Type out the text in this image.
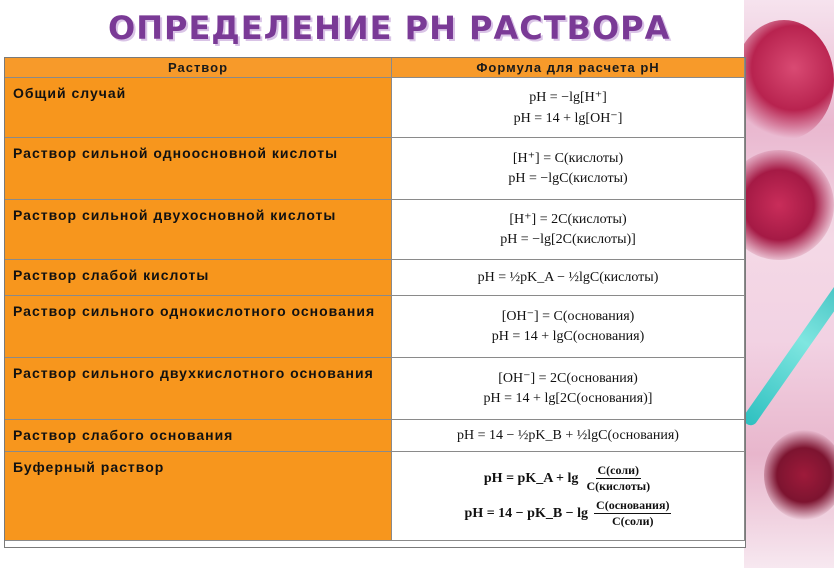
ОПРЕДЕЛЕНИЕ PH РАСТВОРА
Раствор	Формула для расчета pH
Общий случай	pH = −lg[H⁺]
pH = 14 + lg[OH⁻]
Раствор сильной одноосновной кислоты	[H⁺] = C(кислоты)
pH = −lgC(кислоты)
Раствор сильной двухосновной кислоты	[H⁺] = 2C(кислоты)
pH = −lg[2C(кислоты)]
Раствор слабой кислоты	pH = ½pK_A − ½lgC(кислоты)
Раствор сильного однокислотного основания	[OH⁻] = C(основания)
pH = 14 + lgC(основания)
Раствор сильного двухкислотного основания	[OH⁻] = 2C(основания)
pH = 14 + lg[2C(основания)]
Раствор слабого основания	pH = 14 − ½pK_B + ½lgC(основания)
Буферный раствор
pH = pK_A + $\lg \frac{\text{C(соли)}}{\text{C(кислоты)}}$
pH = 14 − pK_B − $\lg \frac{\text{C(основания)}}{\text{C(соли)}}$
